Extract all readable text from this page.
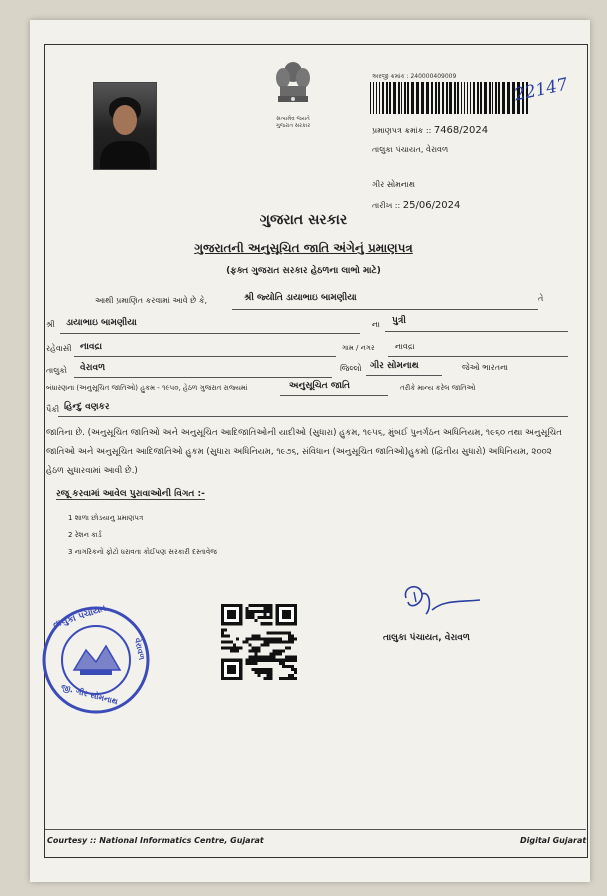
સત્યમેવ જયતે
ગુજરાત સરકાર
અરજી ક્રમાંક : 240000409009	22147
પ્રમાણપત્ર ક્રમાંક :: 7468/2024
તાલુકા પંચાયત, વેરાવળ
ગીર સોમનાથ
તારીખ :: 25/06/2024
ગુજરાત સરકાર
ગુજરાતની અનુસૂચિત જાતિ અંગેનું પ્રમાણપત્ર
(ફક્ત ગુજરાત સરકાર હેઠળના લાભો માટે)
આથી પ્રમાણિત કરવામાં આવે છે કે,	શ્રી જ્યોતિ ડાયાભાઇ બામણીયા	તે
શ્રી ડાયાભાઇ બામણીયા	ના પુત્રી
રહેવાસી નાવદ્રા	ગામ / નગર	નાવદ્રા
તાલુકો વેરાવળ	જિલ્લો ગીર સોમનાથ	જેઓ ભારતના
બંધારણના (અનુસૂચિત જાતિઓ) હુકમ - ૧૯૫૦, હેઠળ ગુજરાત રાજ્યમાં	અનુસૂચિત જાતિ	તરીકે માન્ય કરેલ જાતિઓ
પૈકી હિન્દુ વણકર
જાતિના છે. (અનુસૂચિત જાતિઓ અને અનુસૂચિત આદિજાતિઓની યાદીઓ (સુધારા) હુકમ, ૧૯૫૬, મુંબઈ પુનર્ગઠન અધિનિયમ, ૧૯૬૦ તથા અનુસૂચિત જાતિઓ અને અનુસૂચિત આદિજાતિઓ હુકમ (સુધારા અધિનિયમ, ૧૯૭૬, સંવિધાન (અનુસૂચિત જાતિઓ)હુકમો (દ્વિતીય સુધારો) અધિનિયમ, ૨૦૦૨ હેઠળ સુધારવામાં આવી છે.)
રજૂ કરવામાં આવેલ પુરાવાઓની વિગત :-
1 શાળા છોડયાનુ પ્રમાણપત્ર
2 રેશન કાર્ડ
3 નાગરિકનો ફોટો ધરાવતા કોઈપણ સરકારી દસ્તાવેજ
તાલુકા પંચાયત
વેરાવળ
જી. ગીર સોમનાથ
તાલુકા પંચાયત, વેરાવળ
Courtesy :: National Informatics Centre, Gujarat	Digital Gujarat
